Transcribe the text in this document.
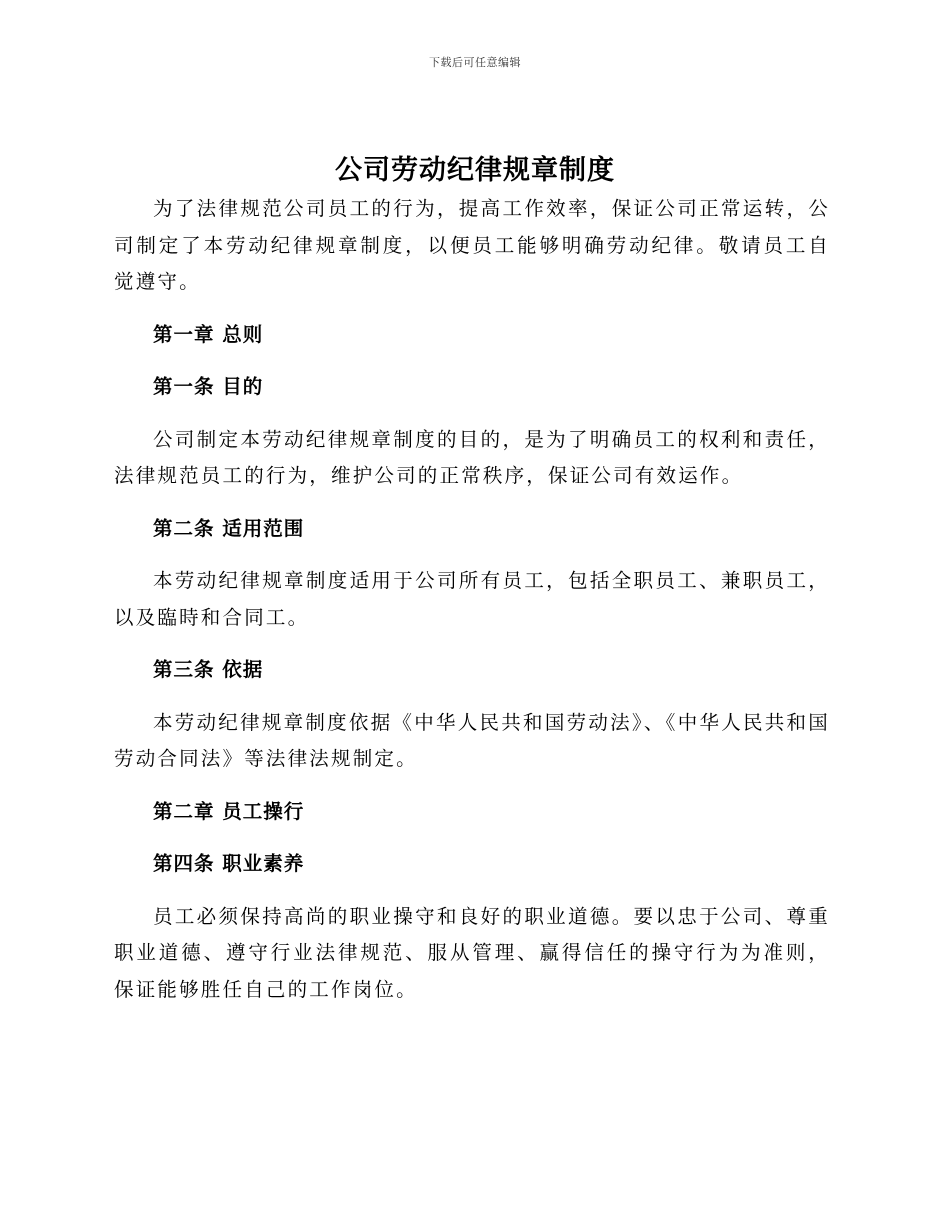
下载后可任意编辑
公司劳动纪律规章制度

为了法律规范公司员工的行为，提高工作效率，保证公司正常运转，公司制定了本劳动纪律规章制度，以便员工能够明确劳动纪律。敬请员工自觉遵守。

第一章 总则

第一条 目的

公司制定本劳动纪律规章制度的目的，是为了明确员工的权利和责任，法律规范员工的行为，维护公司的正常秩序，保证公司有效运作。

第二条 适用范围

本劳动纪律规章制度适用于公司所有员工，包括全职员工、兼职员工，以及臨時和合同工。

第三条 依据

本劳动纪律规章制度依据《中华人民共和国劳动法》、《中华人民共和国劳动合同法》等法律法规制定。

第二章 员工操行

第四条 职业素养

员工必须保持高尚的职业操守和良好的职业道德。要以忠于公司、尊重职业道德、遵守行业法律规范、服从管理、赢得信任的操守行为为准则，保证能够胜任自己的工作岗位。
